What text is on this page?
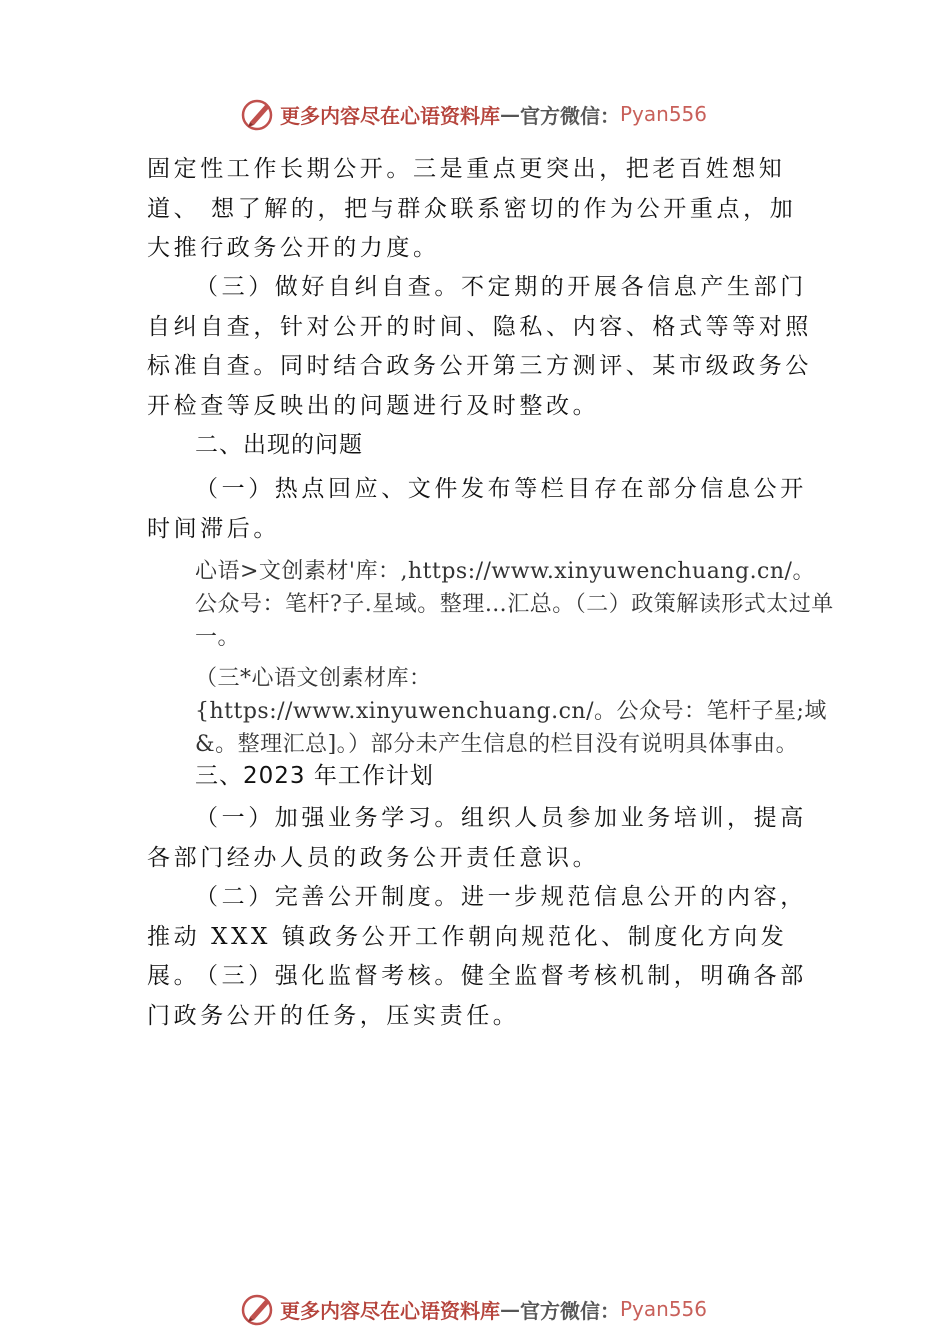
更多内容尽在心语资料库 — 官方微信： Pyan556
固定性工作长期公开。三是重点更突出，把老百姓想知道、 想了解的，把与群众联系密切的作为公开重点，加大推行政务公开的力度。
（三）做好自纠自查。不定期的开展各信息产生部门自纠自查，针对公开的时间、隐私、内容、格式等等对照标准自查。同时结合政务公开第三方测评、某市级政务公开检查等反映出的问题进行及时整改。
二、出现的问题
（一）热点回应、文件发布等栏目存在部分信息公开时间滞后。
心语>文创素材'库：,https://www.xinyuwenchuang.cn/。公众号：笔杆?子.星域。整理…汇总。（二）政策解读形式太过单一。
（三*心语文创素材库：{https://www.xinyuwenchuang.cn/。公众号：笔杆子星;域&。整理汇总]。）部分未产生信息的栏目没有说明具体事由。
三、2023 年工作计划
（一）加强业务学习。组织人员参加业务培训，提高各部门经办人员的政务公开责任意识。
（二）完善公开制度。进一步规范信息公开的内容，推动 XXX 镇政务公开工作朝向规范化、制度化方向发展。
（三）强化监督考核。健全监督考核机制，明确各部门政务公开的任务，压实责任。
更多内容尽在心语资料库 — 官方微信： Pyan556
